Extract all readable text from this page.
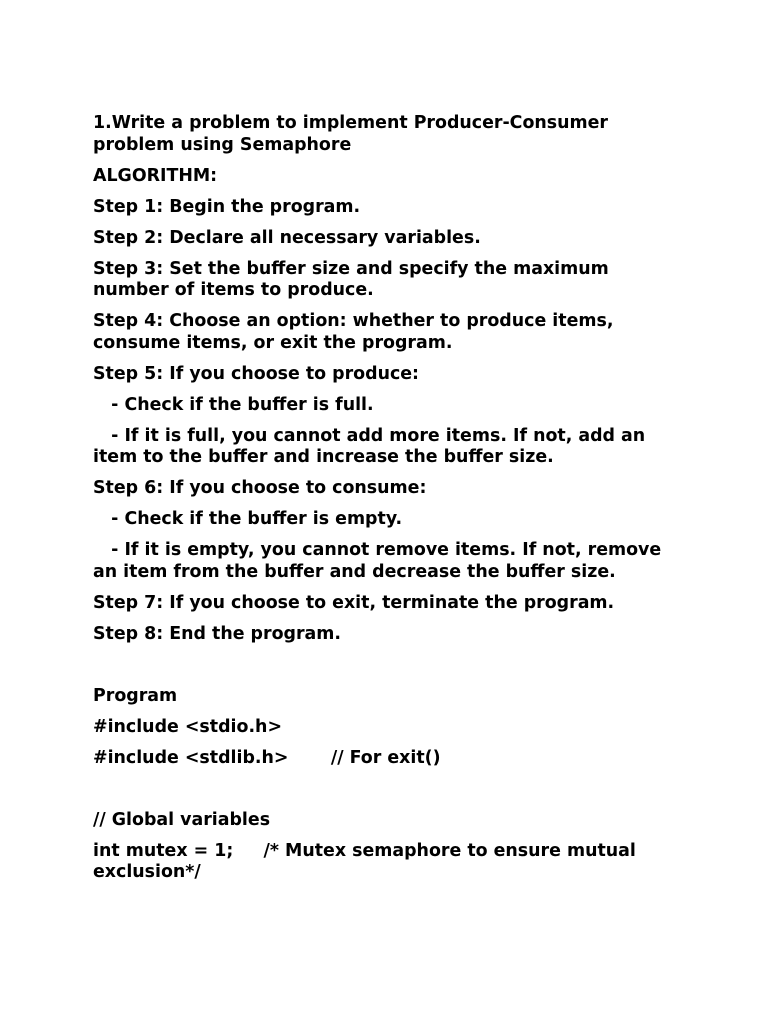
1.Write a problem to implement Producer-Consumer problem using Semaphore
ALGORITHM:
Step 1: Begin the program.
Step 2: Declare all necessary variables.
Step 3: Set the buffer size and specify the maximum number of items to produce.
Step 4: Choose an option: whether to produce items, consume items, or exit the program.
Step 5: If you choose to produce:
- Check if the buffer is full.
- If it is full, you cannot add more items. If not, add an item to the buffer and increase the buffer size.
Step 6: If you choose to consume:
- Check if the buffer is empty.
- If it is empty, you cannot remove items. If not, remove an item from the buffer and decrease the buffer size.
Step 7: If you choose to exit, terminate the program.
Step 8: End the program.
Program
#include <stdio.h>
#include <stdlib.h>       // For exit()
// Global variables
int mutex = 1;     /* Mutex semaphore to ensure mutual exclusion*/
